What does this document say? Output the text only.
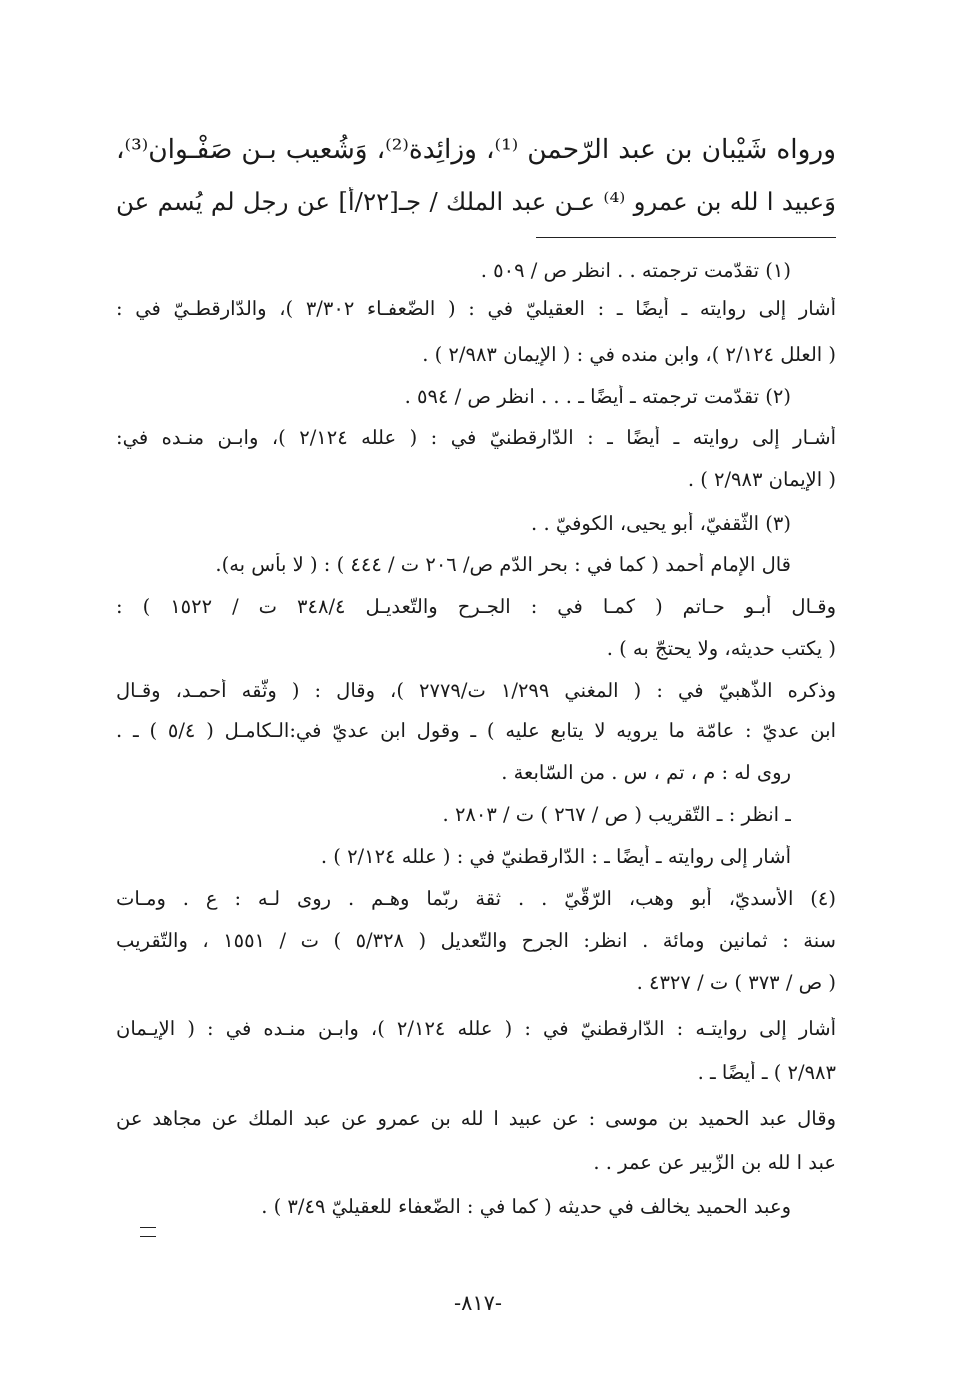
ورواه شَيْبان بن عبد الرّحمن ⁽¹⁾، وزائِدة⁽²⁾، وَشُعيب بـن صَفْـوان⁽³⁾،
وَعبيد ا لله بن عمرو ⁽⁴⁾ عـن عبد الملك / جـ[٢٢/أ] عن رجل لم يُسم عن
(١) تقدّمت ترجمته . . انظر ص / ٥٠٩ .
أشار إلى روايته ـ أيضًا ـ : العقيليّ في : ( الضّعفـاء ٣/٣٠٢ )، والدّارقطـيّ في :
( العلل ٢/١٢٤ )، وابن منده في : ( الإيمان ٢/٩٨٣ ) .
(٢) تقدّمت ترجمته ـ أيضًا ـ . . . انظر ص / ٥٩٤ .
أشـار إلى روايته ـ أيضًا ـ : الدّارقطنيّ في : ( علله ٢/١٢٤ )، وابـن منـده في:
( الإيمان ٢/٩٨٣ ) .
(٣) الثّقفيّ، أبو يحيى، الكوفيّ . .
قال الإمام أحمد ( كما في : بحر الدّم ص/ ٢٠٦ ت / ٤٤٤ ) : ( لا بأس به).
وقـال أبـو حـاتم ( كمـا في : الجـرح والتّعديـل ٣٤٨/٤ ت / ١٥٢٢ ) :
( يكتب حديثه، ولا يحتجّ به ) .
وذكره الذّهبيّ في : ( المغني ١/٢٩٩ ت/٢٧٧٩ )، وقال : ( وثّقه أحمـد، وقـال
ابن عديّ : عامّة ما يرويه لا يتابع عليه ) ـ وقول ابن عديّ في:الـكامـل ( ٥/٤ ) ـ .
روى له : م ، تم ، س . من السّابعة .
ـ انظر : ـ التّقريب ( ص / ٢٦٧ ) ت / ٢٨٠٣ .
أشار إلى روايته ـ أيضًا ـ : الدّارقطنيّ في : ( علله ٢/١٢٤ ) .
(٤) الأسديّ، أبو وهب، الرّقّيّ . . ثقة ربّما وهـم . روى لـه : ع . ومـات
سنة : ثمانين ومائة . انظر: الجرح والتّعديل ( ٥/٣٢٨ ) ت / ١٥٥١ ، والتّقريب
( ص / ٣٧٣ ) ت / ٤٣٢٧ .
أشار إلى روايتـه : الدّارقطنيّ في : ( علله ٢/١٢٤ )، وابـن منـده في : ( الإيـمان
٢/٩٨٣ ) ـ أيضًا ـ .
وقال عبد الحميد بن موسى : عن عبيد ا لله بن عمرو عن عبد الملك عن مجاهد عن
عبد ا لله بن الزّبير عن عمر . .
وعبد الحميد يخالف في حديثه ( كما في : الضّعفاء للعقيليّ ٣/٤٩ ) .
-٨١٧-
